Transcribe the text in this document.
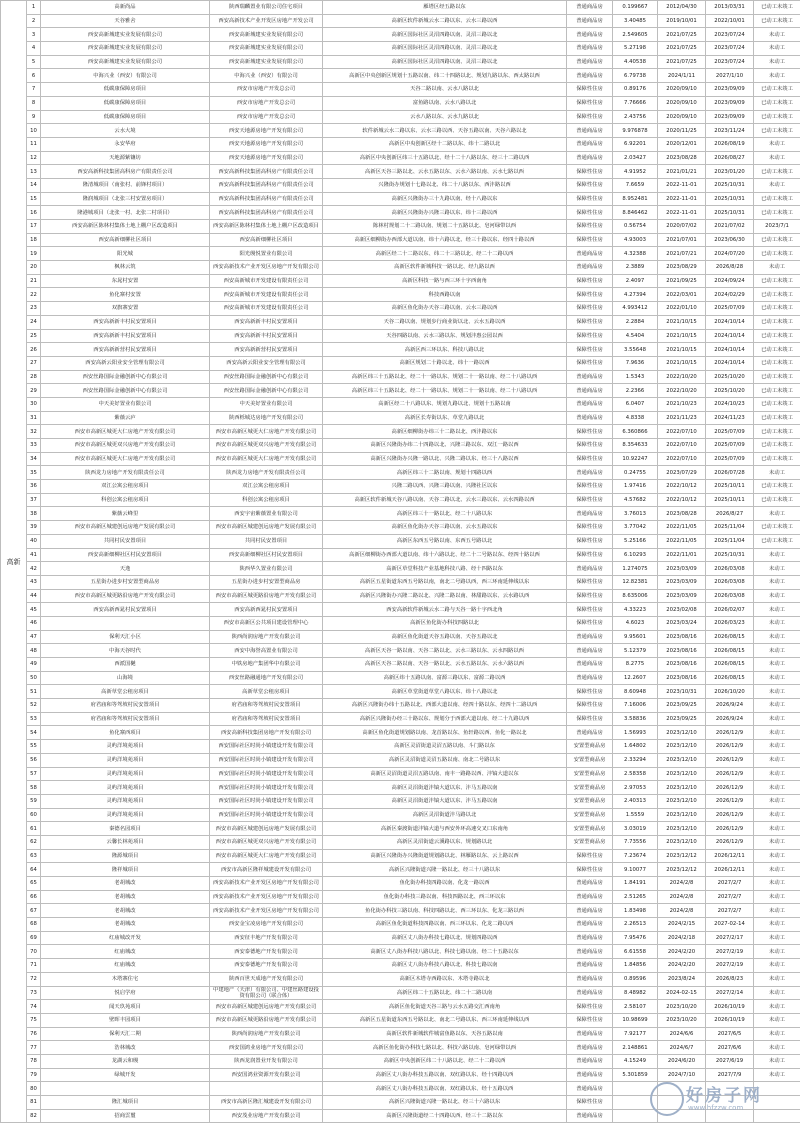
高新	1	高新尚品	陕西瑞麟置业有限公司住宅项目	雁塔区经五路以东	普通商品房	0.199667	2012/04/30	2013/03/31	已动工未竣工
	2	天谷雅舍	西安高新技术产业开发区房地产开发公司	高新区软件新城云水二路以东、云水三路以西	普通商品房	3.40485	2019/10/01	2022/10/01	已动工未竣工
	3	西安高新城建实业发展有限公司	西安高新城建实业发展有限公司	高新区国际社区灵沼四路以南、灵沼三路以北	普通商品房	2.549605	2021/07/25	2023/07/24	未动工
	4	西安高新城建实业发展有限公司	西安高新城建实业发展有限公司	高新区国际社区灵沼四路以南、灵沼三路以北	普通商品房	5.27198	2021/07/25	2023/07/24	未动工
	5	西安高新城建实业发展有限公司	西安高新城建实业发展有限公司	高新区国际社区灵沼四路以南、灵沼三路以北	普通商品房	4.40538	2021/07/25	2023/07/24	未动工
	6	中海兴业（西安）有限公司	中海兴业（西安）有限公司	高新区中央创新区规划十五路以南、纬二十四路以北、规划九路以东、西太路以西	普通商品房	6.79738	2024/1/11	2027/1/10	未动工
	7	低碳康保障房项目	西安市房地产开发总公司	天谷二路以南、云水八路以北	保障性住房	0.89176	2020/09/10	2023/09/09	已动工未竣工
	8	低碳康保障房项目	西安市房地产开发总公司	富鱼路以南、云水八路以北	保障性住房	7.76666	2020/09/10	2023/09/09	已动工未竣工
	9	低碳康保障房项目	西安市房地产开发总公司	云水八路以东、云水九路以北	保障性住房	2.43756	2020/09/10	2023/09/09	已动工未竣工
	10	云水大境	西安天地源房地产开发有限公司	软件新城云水二路以东、云水三路以西、天谷五路以南、天谷六路以北	普通商品房	9.976878	2020/11/25	2023/11/24	已动工未竣工
	11	永安华府	西安天地源房地产开发有限公司	高新区中央创新区经十二路以东、纬十二路以北	普通商品房	6.92201	2020/12/01	2026/08/19	未动工
	12	天地源紫镶坊	西安天地源房地产开发有限公司	高新区中央创新区纬三十五路以北、经十二十八路以东、经三十二路以西	普通商品房	2.03427	2023/08/28	2026/08/27	未动工
	13	西安高新科技集团高科房产有限责任公司	西安高新科技集团高科房产有限责任公司	高新区天谷三路以北、云水五路以东、云水六路以南、云水七路以西	保障性住房	4.91952	2021/01/21	2023/01/20	已动工未竣工
	14	隆清城项目（南张村、前锋村项目）	西安高新科技集团高科房产有限责任公司	兴隆街办规划十七路以北、纬二十八路以东、西沣路以西	保障性住房	7.6659	2022-11-01	2025/10/31	未动工
	15	隆润城项目（北张三村安置房项目）	西安高新科技集团高科房产有限责任公司	高新区兴隆街办三十九路以南、经十八路以东	保障性住房	8.952481	2022-11-01	2025/10/31	已动工未竣工
	16	隆港城项目（北张一村、北张二村项目）	西安高新科技集团高科房产有限责任公司	高新区兴隆街办兴隆三路以东、纬十三路以西	保障性住房	8.846462	2022-11-01	2025/10/31	已动工未竣工
	17	西安高新区陈林村集体土地上棚户区改造项目	西安高新区陈林村集体土地上棚户区改造项目	陈林村规划二十二路以南、规划二十五路以北、皂河绿带以西	保障性住房	0.56754	2020/07/02	2021/07/02	2023/7/1
	18	西安高新细柳社区项目	西安高新细柳社区项目	高新区细柳街办西部大道以南、纬十六路以北、经三十路以东、经四十路以西	保障性住房	4.93003	2021/07/01	2023/06/30	已动工未竣工
	19	阳光城	阳光缦悦置业有限公司	高新区经二十二路以东、纬二十三路以北、经二十二路以西	普通商品房	4.32388	2021/07/21	2024/07/20	已动工未竣工
	20	枫林云筑	西安高新技术产业开发区房地产开发有限公司	高新区软件新城科技一路以北、经九路以西	普通商品房	2.3889	2023/08/29	2026/8/28	未动工
	21	东晁村安置	西安高新城市开发建设有限责任公司	高新区科技一路与西三环十字西南角	保障性住房	2.4097	2021/09/25	2024/09/24	已动工未竣工
	22	鱼化寨村安置	西安高新城市开发建设有限责任公司	科技西路以南	保障性住房	4.27394	2022/03/01	2024/02/29	已动工未竣工
	23	双旗寨安置	西安高新城市开发建设有限责任公司	高新区鱼化街办天谷三路以南、云水三路以西	保障性住房	4.993412	2022/01/10	2025/07/09	已动工未竣工
	24	西安高新新丰村民安置项目	西安高新新丰村民安置项目	天谷二路以南、规划步行商业街以北、云水五路以西	保障性住房	2.2884	2021/10/15	2024/10/14	已动工未竣工
	25	西安高新新丰村民安置项目	西安高新新丰村民安置项目	天谷四路以南、云水三路以东、规划沣惠公园以西	保障性住房	4.5404	2021/10/15	2024/10/14	已动工未竣工
	26	西安高新新营村民安置项目	西安高新新营村民安置项目	高新区西三环以东、科技八路以北	保障性住房	3.55648	2021/10/15	2024/10/14	已动工未竣工
	27	西安高新云阳业安全管理有限公司	西安高新云阳业安全管理有限公司	高新区规划二十路以北、纬十一路以西	保障性住房	7.9636	2021/10/15	2024/10/14	已动工未竣工
	28	西安丝路国际金融创新中心有限公司	西安丝路国际金融创新中心有限公司	高新区纬三十五路以北、经二十一路以东、规划二十一路以南、经二十八路以西	普通商品房	1.5343	2022/10/20	2025/10/20	已动工未竣工
	29	西安丝路国际金融创新中心有限公司	西安丝路国际金融创新中心有限公司	高新区纬三十五路以北、经二十一路以东、规划二十一路以南、经二十八路以西	普通商品房	2.2366	2022/10/20	2025/10/20	已动工未竣工
	30	中天美好置业有限公司	中天美好置业有限公司	高新区经二十八路以东、规划九路以北、规划十五路以南	普通商品房	6.0407	2021/10/23	2024/10/23	已动工未竣工
	31	紫薇云庐	陕西栎城达房地产开发有限公司	高新区长寿街以东、草堂九路以北	普通商品房	4.8338	2021/11/23	2024/11/23	已动工未竣工
	32	西安市高新区城更大仁房地产开发有限公司	西安市高新区城更大仁房地产开发有限公司	高新区细柳街办纬三十二路以北、西沣路以东	保障性住房	6.360866	2022/07/10	2025/07/09	已动工未竣工
	33	西安市高新区城更双兴房地产开发有限公司	西安市高新区城更双兴房地产开发有限公司	高新区兴隆街办纬二十四路以北、兴隆三路以东、双江一路以西	保障性住房	8.354633	2022/07/10	2025/07/09	已动工未竣工
	34	西安市高新区城更大仁房地产开发有限公司	西安市高新区城更大仁房地产开发有限公司	高新区兴隆街办兴隆一路以北、兴隆二路以东、经三十八路以西	保障性住房	10.92247	2022/07/10	2025/07/09	已动工未竣工
	35	陕西龙力房地产开发有限责任公司	陕西龙力房地产开发有限责任公司	高新区纬三十二路以南、规划十四路以西	普通商品房	0.24755	2023/07/29	2026/07/28	未动工
	36	双江公寓公租房项目	双江公寓公租房项目	兴隆二路以西、兴隆三路以南、兴隆社区以东	保障性住房	1.97416	2022/10/12	2025/10/11	已动工未竣工
	37	科创公寓公租房项目	科创公寓公租房项目	高新区软件新城天谷八路以南、天谷二路以北、云水三路以东、云水四路以西	保障性住房	4.57682	2022/10/12	2025/10/11	已动工未竣工
	38	紫薇云峰里	西安宇宙紫薇置业有限公司	高新区纬三十一路以北、经二十八路以东	普通商品房	3.76013	2023/08/28	2026/8/27	未动工
	39	西安市高新区城建创远房地产发展有限公司	西安市高新区城建创远房地产发展有限公司	高新区鱼化街办天谷三路以南、云水五路以东	保障性住房	3.77042	2022/11/05	2025/11/04	已动工未竣工
	40	共同村民安置项目	共同村民安置项目	高新区东西五号路以南、东西五号路以北	保障性住房	5.25166	2022/11/05	2025/11/04	已动工未竣工
	41	西安高新细柳社区村民安置项目	西安高新细柳社区村民安置项目	高新区细柳街办西部大道以南、纬十六路以北、经二十二号路以东、经四十路以西	保障性住房	6.10293	2022/11/01	2025/10/31	未动工
	42	天逸	陕西华久置业有限公司	高新区草堂科技产业基地科技八路、经十四路以东	普通商品房	1.274075	2023/03/09	2026/03/08	未动工
	43	五星街办进步村安置型商品房	五星街办进步村安置型商品房	高新区五星街道东西五号路以南，南北二号路以西，西三环南延伸线以东	保障性住房	12.82381	2023/03/09	2026/03/08	未动工
	44	西安市高新区城更路沿房地产开发有限公司	西安市高新区城更路沿房地产开发有限公司	高新区兴隆街办兴隆二路以北、兴隆二路以南、林甜路以东、云水路以西	保障性住房	8.635006	2023/03/09	2026/03/08	未动工
	45	西安高新西晁村民安置项目	西安高新西晁村民安置项目	西安高新软件新城云水二路与天谷一路十字西北角	保障性住房	4.33223	2023/02/08	2026/02/07	未动工
	46		西安市高新区公共项目建设管理中心	高新区鱼化街办科技四路以北	保障性住房	4.6023	2023/03/24	2026/03/23	未动工
	47	保利天汇小区	陕西尚润房地产开发有限公司	高新区鱼化街道天谷五路以南、天谷五路以北	普通商品房	9.95601	2023/08/16	2026/08/15	未动工
	48	中海天谷时代	西安中海誉高置业有限公司	高新区天谷一路以南、天谷二路以北、云水三路以东、云水四路以西	普通商品房	5.12379	2023/08/16	2026/08/15	未动工
	49	西派国樾	中铁房地产集团华中有限公司	高新区天谷二路以南、天谷一路以北、云水五路以东、云水六路以西	普通商品房	8.2775	2023/08/16	2026/08/15	未动工
	50	山海境	西安丝路融通地产开发有限公司	高新区纬十五路以南、富源三路以东、富源二路以西	普通商品房	12.2607	2023/08/16	2026/08/15	未动工
	51	高新草堂公租房项目	高新草堂公租房项目	高新区草堂街道草堂八路以东、纬十八路以北	保障性住房	8.60948	2023/10/31	2026/10/20	未动工
	52	府君庙和等驾坡村民安置项目	府君庙和等驾坡村民安置项目	高新区兴隆街办纬十五路以北、西部大道以南、经四十路以东、经四十二路以西	保障性住房	7.16006	2023/09/25	2026/9/24	未动工
	53	府君庙和等驾坡村民安置项目	府君庙和等驾坡村民安置项目	高新区兴隆街办经三十路以东、规划分于西部大道以南、经二十九路以西	保障性住房	3.58836	2023/09/25	2026/9/24	未动工
	54	鱼化寨西项目	西安高新科技集团房地产开发有限公司	高新区鱼化街道规划路以南、龙首路以东、鱼轩路以西、鱼化一路以北	普通商品房	1.56993	2023/12/10	2026/12/9	未动工
	55	灵屿洋境苑项目	西安国际社区时尚小镇建设开发有限公司	高新区灵沼街道灵沼五路以南、斗门路以东	安置型商品房	1.64802	2023/12/10	2026/12/9	未动工
	56	灵屿洋境苑项目	西安国际社区时尚小镇建设开发有限公司	高新区灵沼街道灵沼五路以南、南北二号路以东	安置型商品房	2.33294	2023/12/10	2026/12/9	未动工
	57	灵屿洋境苑项目	西安国际社区时尚小镇建设开发有限公司	高新区灵沼街道灵沼五路以南、南丰一路路以西、沣镐大道以东	安置型商品房	2.58358	2023/12/10	2026/12/9	未动工
	58	灵屿洋境苑项目	西安国际社区时尚小镇建设开发有限公司	高新区灵沼街道沣镐大道以东、沣马五路以南	安置型商品房	2.97053	2023/12/10	2026/12/9	未动工
	59	灵屿洋境苑项目	西安国际社区时尚小镇建设开发有限公司	高新区灵沼街道沣镐大道以东、沣马五路以南	安置型商品房	2.40313	2023/12/10	2026/12/9	未动工
	60	灵屿洋境苑项目	西安国际社区时尚小镇建设开发有限公司	高新区灵沼街道沣马路以北	安置型商品房	1.5559	2023/12/10	2026/12/9	未动工
	61	秦德名园项目	西安市高新区城建创远房地产发展有限公司	高新区秦渡街道沣镐大道与西安外环高速交叉口东南角	安置型商品房	3.03019	2023/12/10	2026/12/9	未动工
	62	云馨长林苑项目	西安市高新区城更双兴房地产开发有限公司	高新区灵沼街道云溪路以东、规划路以北	安置型商品房	7.73556	2023/12/10	2026/12/9	未动工
	63	隆源城项目	西安市高新区城更大仁房地产开发有限公司	高新区兴隆街办兴隆街道规划路以北、林雁路以东、云上路以西	保障性住房	7.23674	2023/12/12	2026/12/11	未动工
	64	隆祥城项目	西安市高新区隆祥城建设开发有限公司	高新区兴隆街道兴隆一路以北、经三十八路以东	保障性住房	9.10077	2023/12/12	2026/12/11	未动工
	65	老胡城改	西安高新技术产业开发区房地产开发有限公司	鱼化街办科技四路以南、化龙一路以西	普通商品房	1.84191	2024/2/8	2027/2/7	未动工
	66	老胡城改	西安高新技术产业开发区房地产开发有限公司	鱼化街办科技三路以南、科技四路以北、西三环以东	普通商品房	2.51265	2024/2/8	2027/2/7	未动工
	67	老胡城改	西安高新技术产业开发区房地产开发有限公司	鱼化街办科技三路以南、科技四路以北、西三环以东、化龙三路以西	普通商品房	1.83498	2024/2/8	2027/2/7	未动工
	68	老胡城改	西安金宝凌房地产开发有限公司	高新区鱼化街道科技四路以南、西三环以东、化龙二路以西	普通商品房	2.26513	2024/2/15	2027-02-14	未动工
	69	红庙城改开发	西安征丰地产开发有限公司	高新区丈八街办科技七路以北、规划四路以西	普通商品房	7.95476	2024/2/18	2027/2/17	未动工
	70	红庙城改	西安泰德地产开发有限公司	高新区丈八街办科技八路以北、科技七路以南、经二十五路以东	普通商品房	6.61558	2024/2/20	2027/2/19	未动工
	71	红庙城改	西安泰德地产开发有限公司	高新区丈八街办科技八路以北、科技七路以南	普通商品房	1.84856	2024/2/20	2027/2/19	未动工
	72	木塔寨住宅	陕西百世天成地产开发有限公司	高新区木塔寺西路以东、木塔寺路以北	普通商品房	0.89596	2023/8/24	2026/8/23	未动工
	73	悦启学府	中建地产（天津）有限公司、中建丝路建设投资有限公司（联合体）	高新区纬二十五路以北、纬二十二路以南	普通商品房	8.48982	2024-02-15	2027/2/14	未动工
	74	闻天玖苑项目	西安市高新区城建创远房地产开发有限公司	高新区鱼化街道天谷三路与云水五路交汇西南角	保障性住房	2.58107	2023/10/20	2026/10/19	未动工
	75	壁晖丰园项目	西安市高新区城更路沿房地产开发有限公司	高新区五星街道东西五号路以北、南北二号路以东、西三环南延伸线以西	保障性住房	10.98699	2023/10/20	2026/10/19	未动工
	76	保利天汇二期	陕西尚润房地产开发有限公司	高新区软件新城软件城富鱼路以东、天谷五路以南	普通商品房	7.92177	2024/6/6	2027/6/5	未动工
	77	浩林城改	西安国鸿业房地产开发有限公司	高新区鱼化街办科技七路以北、科技六路以南、皂河绿带以西	普通商品房	2.148861	2024/6/7	2027/6/6	未动工
	78	龙湖云和缦	陕西龙润置业开发有限公司	高新区中央创新区纬二十八路以北、经二十二路以西	普通商品房	4.15249	2024/6/20	2027/6/19	未动工
	79	绿城开发	西安国鸿业资源开发有限公司	高新区丈八街办科技五路以南、双红路以东、经十四路以西	普通商品房	5.301859	2024/7/10	2027/7/9	未动工
	80			高新区丈八街办科技五路以南、双红路以东、经十五路以西	普通商品房				
	81	隆汇城项目	西安市高新区隆汇城建设开发有限公司	高新区兴隆街道兴隆一路以北、经三十六路以东	保障性住房				
	82	招商雲璽	西安茂业房地产开发有限公司	高新区兴隆街道经二十四路以西、经三十二路以东	普通商品房				
好房子网
www.hfzzw.com
